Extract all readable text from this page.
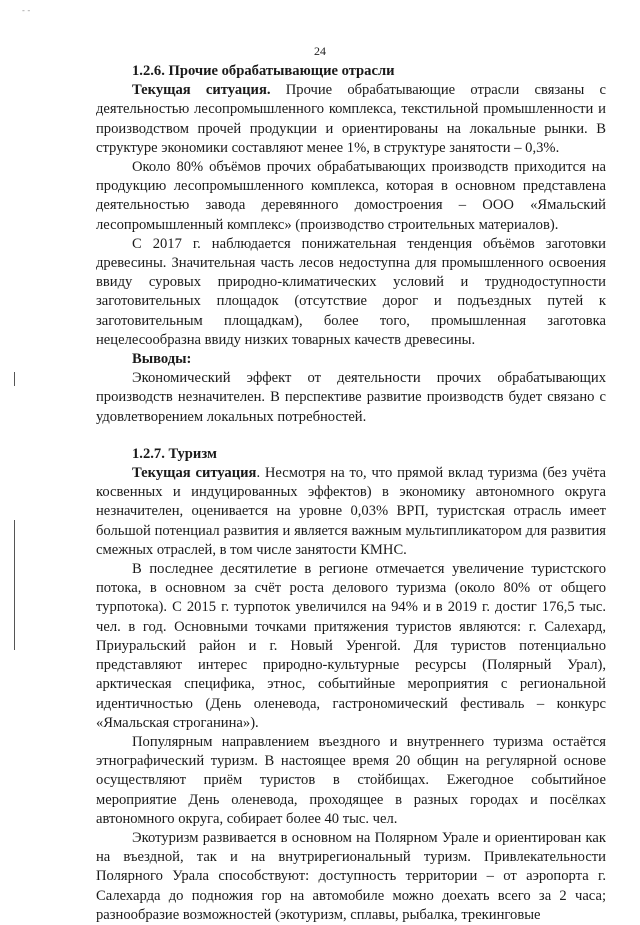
- -
24

1.2.6. Прочие обрабатывающие отрасли

Текущая ситуация. Прочие обрабатывающие отрасли связаны с деятельностью лесопромышленного комплекса, текстильной промышленности и производством прочей продукции и ориентированы на локальные рынки. В структуре экономики составляют менее 1%, в структуре занятости – 0,3%.

Около 80% объёмов прочих обрабатывающих производств приходится на продукцию лесопромышленного комплекса, которая в основном представлена деятельностью завода деревянного домостроения – ООО «Ямальский лесопромышленный комплекс» (производство строительных материалов).

С 2017 г. наблюдается понижательная тенденция объёмов заготовки древесины. Значительная часть лесов недоступна для промышленного освоения ввиду суровых природно-климатических условий и труднодоступности заготовительных площадок (отсутствие дорог и подъездных путей к заготовительным площадкам), более того, промышленная заготовка нецелесообразна ввиду низких товарных качеств древесины.

Выводы:

Экономический эффект от деятельности прочих обрабатывающих производств незначителен. В перспективе развитие производств будет связано с удовлетворением локальных потребностей.

1.2.7. Туризм

Текущая ситуация. Несмотря на то, что прямой вклад туризма (без учёта косвенных и индуцированных эффектов) в экономику автономного округа незначителен, оценивается на уровне 0,03% ВРП, туристская отрасль имеет большой потенциал развития и является важным мультипликатором для развития смежных отраслей, в том числе занятости КМНС.

В последнее десятилетие в регионе отмечается увеличение туристского потока, в основном за счёт роста делового туризма (около 80% от общего турпотока). С 2015 г. турпоток увеличился на 94% и в 2019 г. достиг 176,5 тыс. чел. в год. Основными точками притяжения туристов являются: г. Салехард, Приуральский район и г. Новый Уренгой. Для туристов потенциально представляют интерес природно-культурные ресурсы (Полярный Урал), арктическая специфика, этнос, событийные мероприятия с региональной идентичностью (День оленевода, гастрономический фестиваль – конкурс «Ямальская строганина»).

Популярным направлением въездного и внутреннего туризма остаётся этнографический туризм. В настоящее время 20 общин на регулярной основе осуществляют приём туристов в стойбищах. Ежегодное событийное мероприятие День оленевода, проходящее в разных городах и посёлках автономного округа, собирает более 40 тыс. чел.

Экотуризм развивается в основном на Полярном Урале и ориентирован как на въездной, так и на внутрирегиональный туризм. Привлекательности Полярного Урала способствуют: доступность территории – от аэропорта г. Салехарда до подножия гор на автомобиле можно доехать всего за 2 часа; разнообразие возможностей (экотуризм, сплавы, рыбалка, трекинговые
